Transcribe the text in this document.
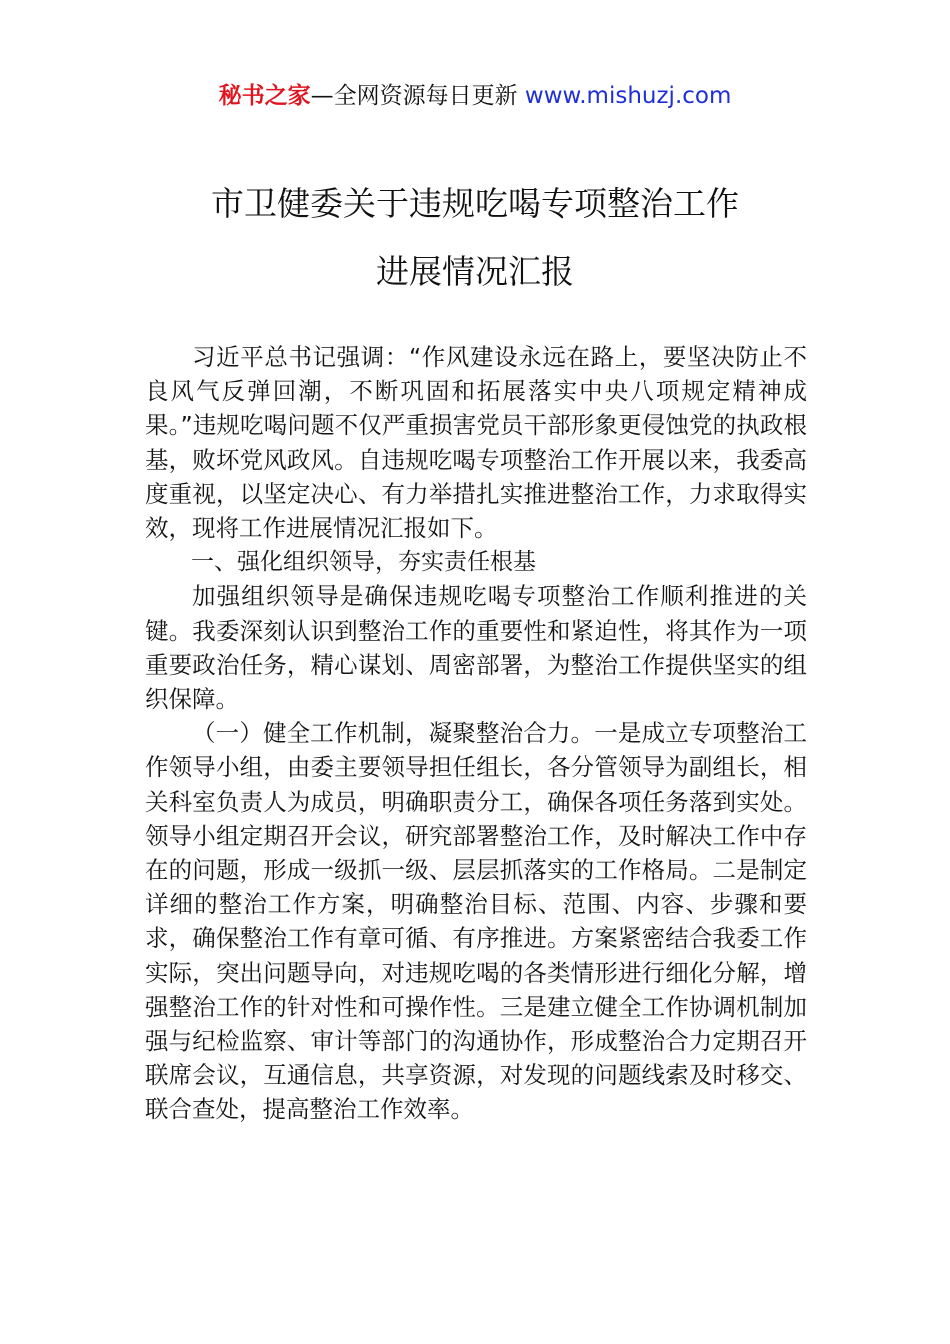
秘书之家—全网资源每日更新 www.mishuzj.com
市卫健委关于违规吃喝专项整治工作
进展情况汇报

习近平总书记强调：“作风建设永远在路上，要坚决防止不良风气反弹回潮，不断巩固和拓展落实中央八项规定精神成果。”违规吃喝问题不仅严重损害党员干部形象更侵蚀党的执政根基，败坏党风政风。自违规吃喝专项整治工作开展以来，我委高度重视，以坚定决心、有力举措扎实推进整治工作，力求取得实效，现将工作进展情况汇报如下。

一、强化组织领导，夯实责任根基

加强组织领导是确保违规吃喝专项整治工作顺利推进的关键。我委深刻认识到整治工作的重要性和紧迫性，将其作为一项重要政治任务，精心谋划、周密部署，为整治工作提供坚实的组织保障。

（一）健全工作机制，凝聚整治合力。一是成立专项整治工作领导小组，由委主要领导担任组长，各分管领导为副组长，相关科室负责人为成员，明确职责分工，确保各项任务落到实处。领导小组定期召开会议，研究部署整治工作，及时解决工作中存在的问题，形成一级抓一级、层层抓落实的工作格局。二是制定详细的整治工作方案，明确整治目标、范围、内容、步骤和要求，确保整治工作有章可循、有序推进。方案紧密结合我委工作实际，突出问题导向，对违规吃喝的各类情形进行细化分解，增强整治工作的针对性和可操作性。三是建立健全工作协调机制加强与纪检监察、审计等部门的沟通协作，形成整治合力定期召开联席会议，互通信息，共享资源，对发现的问题线索及时移交、联合查处，提高整治工作效率。
